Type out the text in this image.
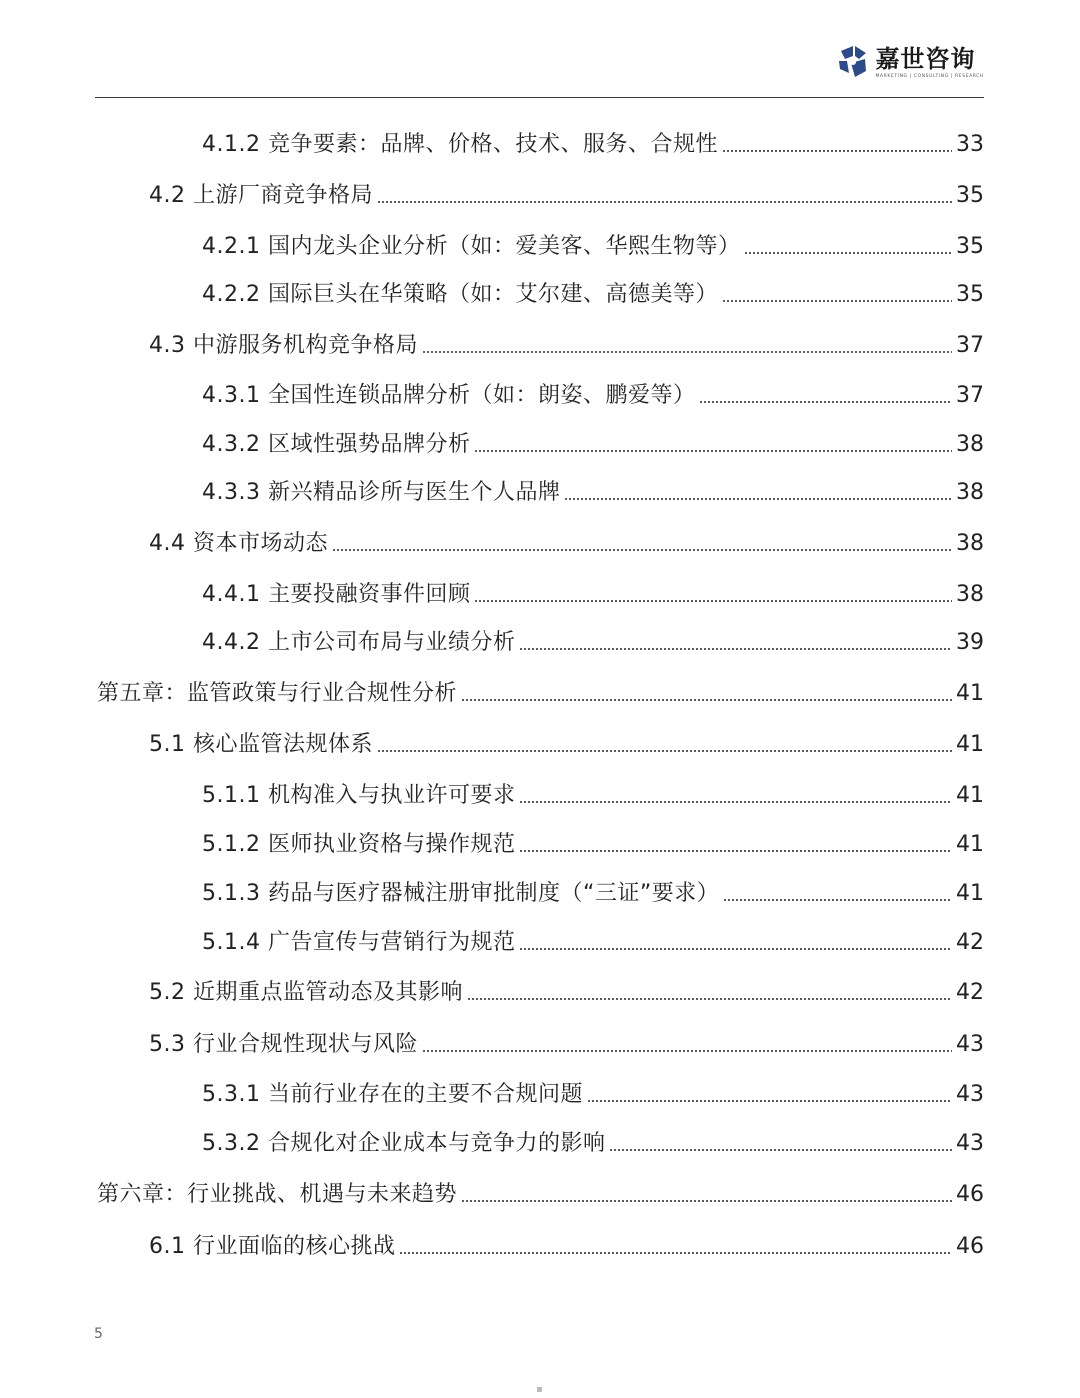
嘉世咨询
MARKETING | CONSULTING | RESEARCH
4.1.2 竞争要素：品牌、价格、技术、服务、合规性	33
4.2 上游厂商竞争格局	35
4.2.1 国内龙头企业分析（如：爱美客、华熙生物等）	35
4.2.2 国际巨头在华策略（如：艾尔建、高德美等）	35
4.3 中游服务机构竞争格局	37
4.3.1 全国性连锁品牌分析（如：朗姿、鹏爱等）	37
4.3.2 区域性强势品牌分析	38
4.3.3 新兴精品诊所与医生个人品牌	38
4.4 资本市场动态	38
4.4.1 主要投融资事件回顾	38
4.4.2 上市公司布局与业绩分析	39
第五章：监管政策与行业合规性分析	41
5.1 核心监管法规体系	41
5.1.1 机构准入与执业许可要求	41
5.1.2 医师执业资格与操作规范	41
5.1.3 药品与医疗器械注册审批制度（“三证”要求）	41
5.1.4 广告宣传与营销行为规范	42
5.2 近期重点监管动态及其影响	42
5.3 行业合规性现状与风险	43
5.3.1 当前行业存在的主要不合规问题	43
5.3.2 合规化对企业成本与竞争力的影响	43
第六章：行业挑战、机遇与未来趋势	46
6.1 行业面临的核心挑战	46
5
▪
